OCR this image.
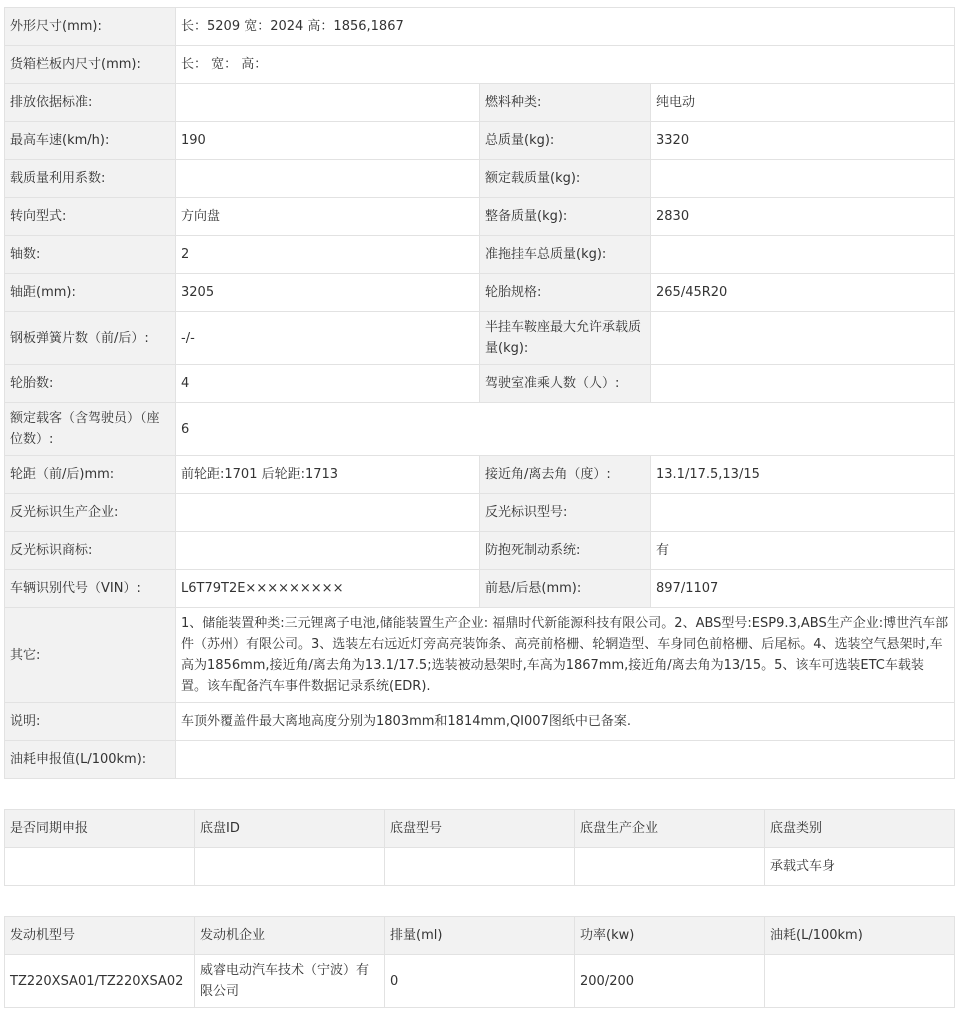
外形尺寸(mm):	长：5209 宽：2024 高：1856,1867		
货箱栏板内尺寸(mm):	长： 宽： 高：		
排放依据标准:		燃料种类:	纯电动
最高车速(km/h):	190	总质量(kg):	3320
载质量利用系数:		额定载质量(kg):	
转向型式:	方向盘	整备质量(kg):	2830
轴数:	2	准拖挂车总质量(kg):	
轴距(mm):	3205	轮胎规格:	265/45R20
钢板弹簧片数（前/后）:	-/-	半挂车鞍座最大允许承载质量(kg):	
轮胎数:	4	驾驶室准乘人数（人）:	
额定载客（含驾驶员）（座位数）:	6		
轮距（前/后)mm:	前轮距:1701 后轮距:1713	接近角/离去角（度）:	13.1/17.5,13/15
反光标识生产企业:		反光标识型号:	
反光标识商标:		防抱死制动系统:	有
车辆识别代号（VIN）:	L6T79T2E×××××××××	前悬/后悬(mm):	897/1107
其它:	1、储能装置种类:三元锂离子电池,储能装置生产企业: 福鼎时代新能源科技有限公司。2、ABS型号:ESP9.3,ABS生产企业:博世汽车部件（苏州）有限公司。3、选装左右远近灯旁高亮装饰条、高亮前格栅、轮辋造型、车身同色前格栅、后尾标。4、选装空气悬架时,车高为1856mm,接近角/离去角为13.1/17.5;选装被动悬架时,车高为1867mm,接近角/离去角为13/15。5、该车可选装ETC车载装置。该车配备汽车事件数据记录系统(EDR).		
说明:	车顶外覆盖件最大离地高度分别为1803mm和1814mm,QI007图纸中已备案.		
油耗申报值(L/100km):			
是否同期申报	底盘ID	底盘型号	底盘生产企业	底盘类别
				承载式车身
发动机型号	发动机企业	排量(ml)	功率(kw)	油耗(L/100km)
TZ220XSA01/TZ220XSA02	威睿电动汽车技术（宁波）有限公司	0	200/200	
